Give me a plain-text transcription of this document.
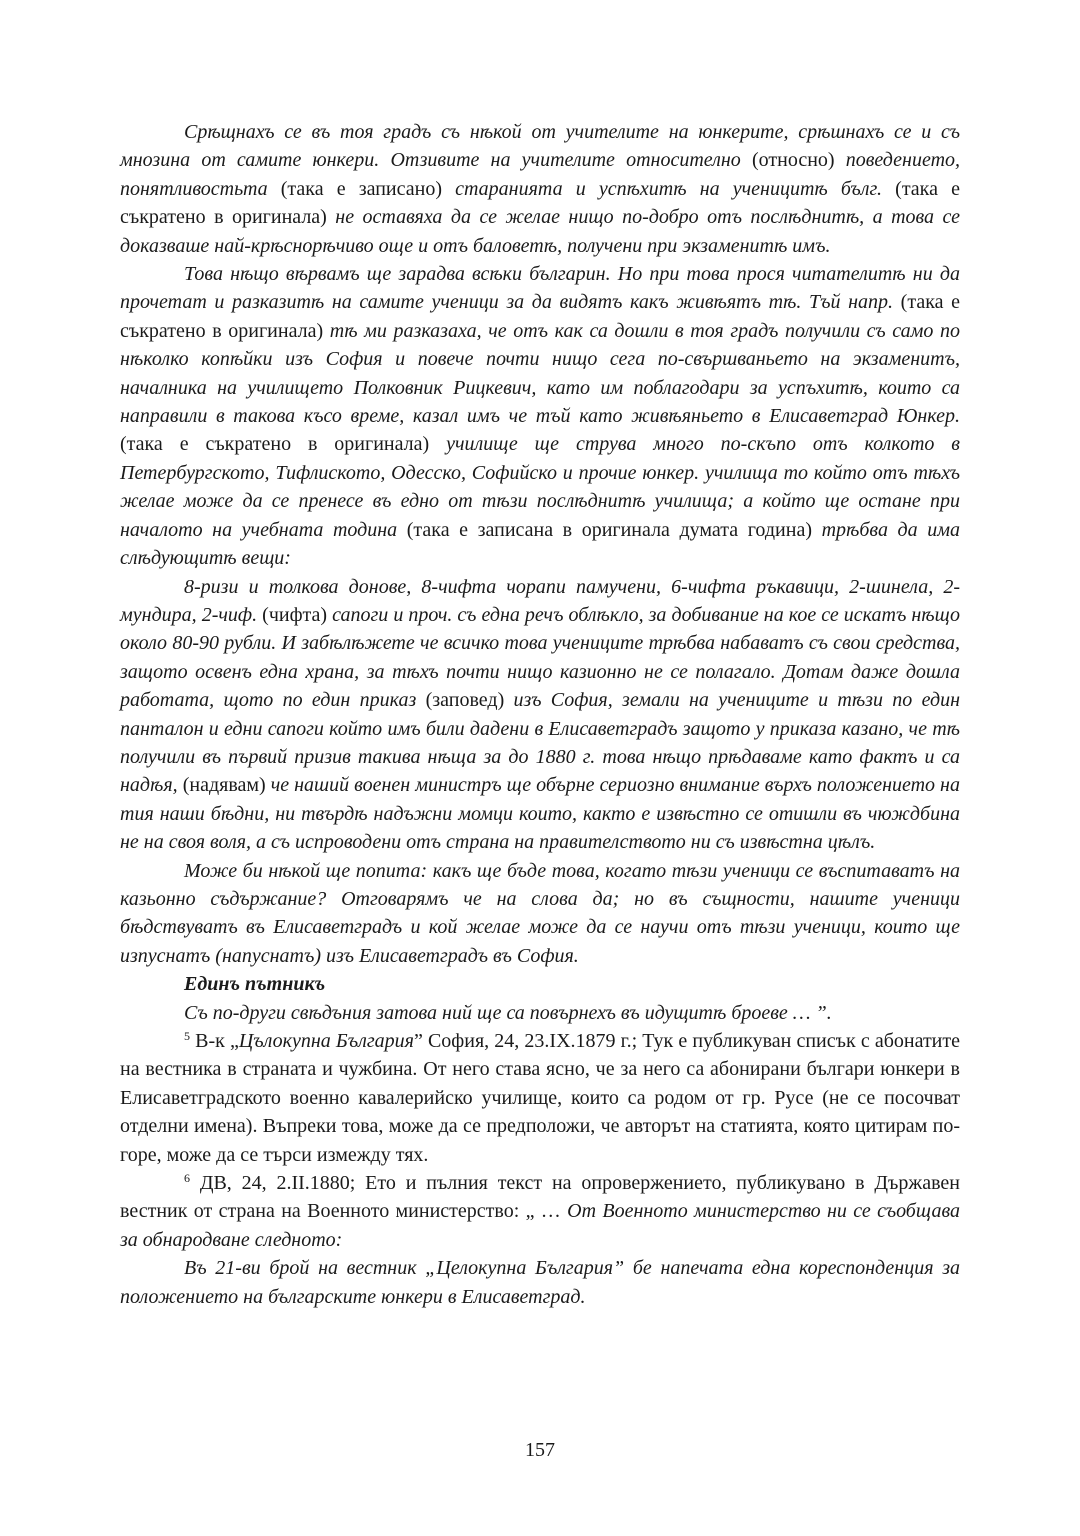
Срѣщнахъ се въ тоя градъ съ нѣкой от учителите на юнкерите, срѣшнахъ се и съ мнозина от самите юнкери. Отзивите на учителите относително (относно) поведението, понятливостьта (така е записано) старанията и успѣхитѣ на ученицитѣ бълг. (така е съкратено в оригинала) не оставяха да се желае нищо по-добро отъ послѣднитѣ, а това се доказваше най-крѣснорѣчиво още и отъ баловетѣ, получени при экзаменитѣ имъ.

Това нѣщо вѣрвамъ ще зарадва всѣки българин. Но при това прося читателитѣ ни да прочетат и разказитѣ на самите ученици за да видятъ какъ живѣятъ тѣ. Тъй напр. (така е съкратено в оригинала) тѣ ми разказаха, че отъ как са дошли в тоя градъ получили съ само по нѣколко копѣйки изъ София и повече почти нищо сега по-свършваньето на экзаменитъ, началника на училището Полковник Рицкевич, като им поблагодари за успъхитѣ, които са направили в такова късо време, казал имъ че тъй като живѣяньето в Елисаветград Юнкер. (така е съкратено в оригинала) училище ще струва много по-скъпо отъ колкото в Петербургското, Тифлиското, Одесско, Софийско и прочие юнкер. училища то който отъ тѣхъ желае може да се пренесе въ едно от тѣзи послѣднитѣ училища; а който ще остане при началото на учебната тодина (така е записана в оригинала думата година) трѣбва да има слѣдующитѣ вещи:

8-ризи и толкова донове, 8-чифта чорапи памучени, 6-чифта ръкавици, 2-шинела, 2-мундира, 2-чиф. (чифта) сапоги и проч. съ една речъ облѣкло, за добивание на кое се искатъ нѣщо около 80-90 рубли. И забѣлѣжете че всичко това учениците трѣбва набаватъ съ свои средства, защото освенъ една храна, за тѣхъ почти нищо казионно не се полагало. Дотам даже дошла работата, щото по един приказ (заповед) изъ София, земали на учениците и тѣзи по един панталон и едни сапоги който имъ били дадени в Елисаветградъ защото у приказа казано, че тѣ получили въ първий призив такива нѣща за до 1880 г. това нѣщо прѣдаваме като фактъ и са надѣя, (надявам) че наший военен министръ ще обърне сериозно внимание върхъ положението на тия наши бѣдни, ни твърдѣ надъжни момци които, както е извѣстно се отишли въ чюждбина не на своя воля, а съ испроводени отъ страна на правителството ни съ извѣстна цѣлъ.

Може би нѣкой ще попита: какъ ще бъде това, когато тѣзи ученици се въспитаватъ на казьонно съдържание? Отговарямъ че на слова да; но въ същности, нашите ученици бѣдствуватъ въ Елисаветградъ и кой желае може да се научи отъ тѣзи ученици, които ще изпуснатъ (напуснатъ) изъ Елисаветградъ въ София.

Единъ пътникъ

Съ по-други свѣдъния затова ний ще са повърнехъ въ идущитѣ броеве … ”.

$^5$ В-к „Цълокупна България” София, 24, 23.IX.1879 г.; Тук е публикуван списък с абонатите на вестника в страната и чужбина. От него става ясно, че за него са абонирани българи юнкери в Елисаветградското военно кавалерийско училище, които са родом от гр. Русе (не се посочват отделни имена). Въпреки това, може да се предположи, че авторът на статията, която цитирам по-горе, може да се търси измежду тях.

$^6$ ДВ, 24, 2.II.1880; Ето и пълния текст на опровержението, публикувано в Държавен вестник от страна на Военното министерство: „ … От Военното министерство ни се съобщава за обнародване следното:

Въ 21-ви брой на вестник „Целокупна България” бе напечата една кореспонденция за положението на българските юнкери в Елисаветград.

157
